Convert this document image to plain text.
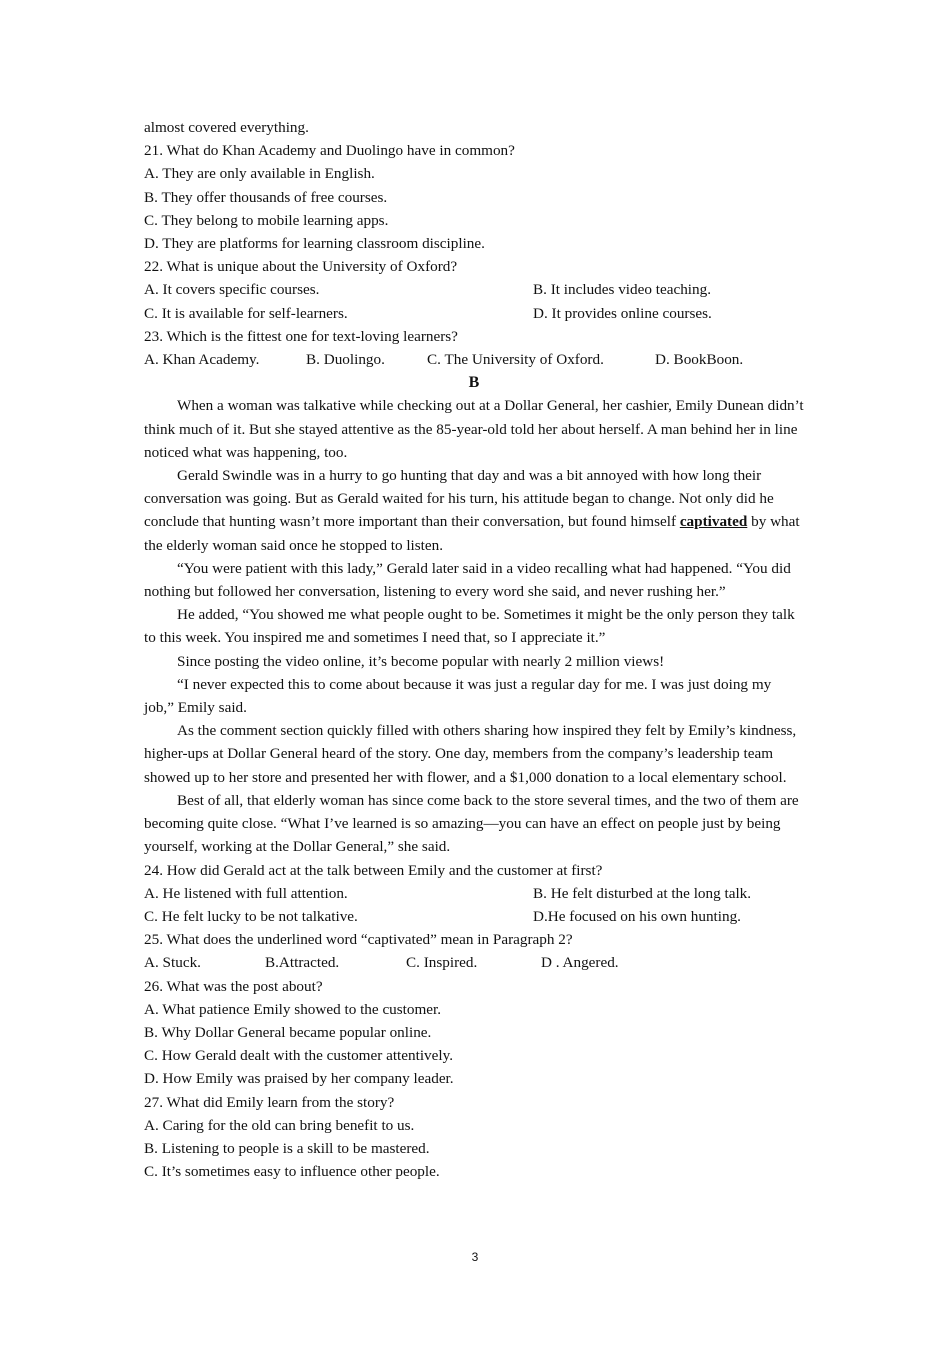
almost covered everything.
21. What do Khan Academy and Duolingo have in common?
A. They are only available in English.
B. They offer thousands of free courses.
C. They belong to mobile learning apps.
D. They are platforms for learning classroom discipline.
22. What is unique about the University of Oxford?
A. It covers specific courses.	B. It includes video teaching.
C. It is available for self-learners.	D. It provides online courses.
23. Which is the fittest one for text-loving learners?
A. Khan Academy.	B. Duolingo.	C. The University of Oxford.	D. BookBoon.
B
When a woman was talkative while checking out at a Dollar General, her cashier, Emily Dunean didn’t think much of it. But she stayed attentive as the 85-year-old told her about herself. A man behind her in line noticed what was happening, too.
Gerald Swindle was in a hurry to go hunting that day and was a bit annoyed with how long their conversation was going. But as Gerald waited for his turn, his attitude began to change. Not only did he conclude that hunting wasn’t more important than their conversation, but found himself captivated by what the elderly woman said once he stopped to listen.
“You were patient with this lady,” Gerald later said in a video recalling what had happened. “You did nothing but followed her conversation, listening to every word she said, and never rushing her.”
He added, “You showed me what people ought to be. Sometimes it might be the only person they talk to this week. You inspired me and sometimes I need that, so I appreciate it.”
Since posting the video online, it’s become popular with nearly 2 million views!
“I never expected this to come about because it was just a regular day for me. I was just doing my job,” Emily said.
As the comment section quickly filled with others sharing how inspired they felt by Emily’s kindness, higher-ups at Dollar General heard of the story. One day, members from the company’s leadership team showed up to her store and presented her with flower, and a $1,000 donation to a local elementary school.
Best of all, that elderly woman has since come back to the store several times, and the two of them are becoming quite close. “What I’ve learned is so amazing—you can have an effect on people just by being yourself, working at the Dollar General,” she said.
24. How did Gerald act at the talk between Emily and the customer at first?
A. He listened with full attention.	B. He felt disturbed at the long talk.
C. He felt lucky to be not talkative.	D.He focused on his own hunting.
25. What does the underlined word “captivated” mean in Paragraph 2?
A. Stuck.	B.Attracted.	C. Inspired.	D . Angered.
26. What was the post about?
A. What patience Emily showed to the customer.
B. Why Dollar General became popular online.
C. How Gerald dealt with the customer attentively.
D. How Emily was praised by her company leader.
27. What did Emily learn from the story?
A. Caring for the old can bring benefit to us.
B. Listening to people is a skill to be mastered.
C. It’s sometimes easy to influence other people.
3
